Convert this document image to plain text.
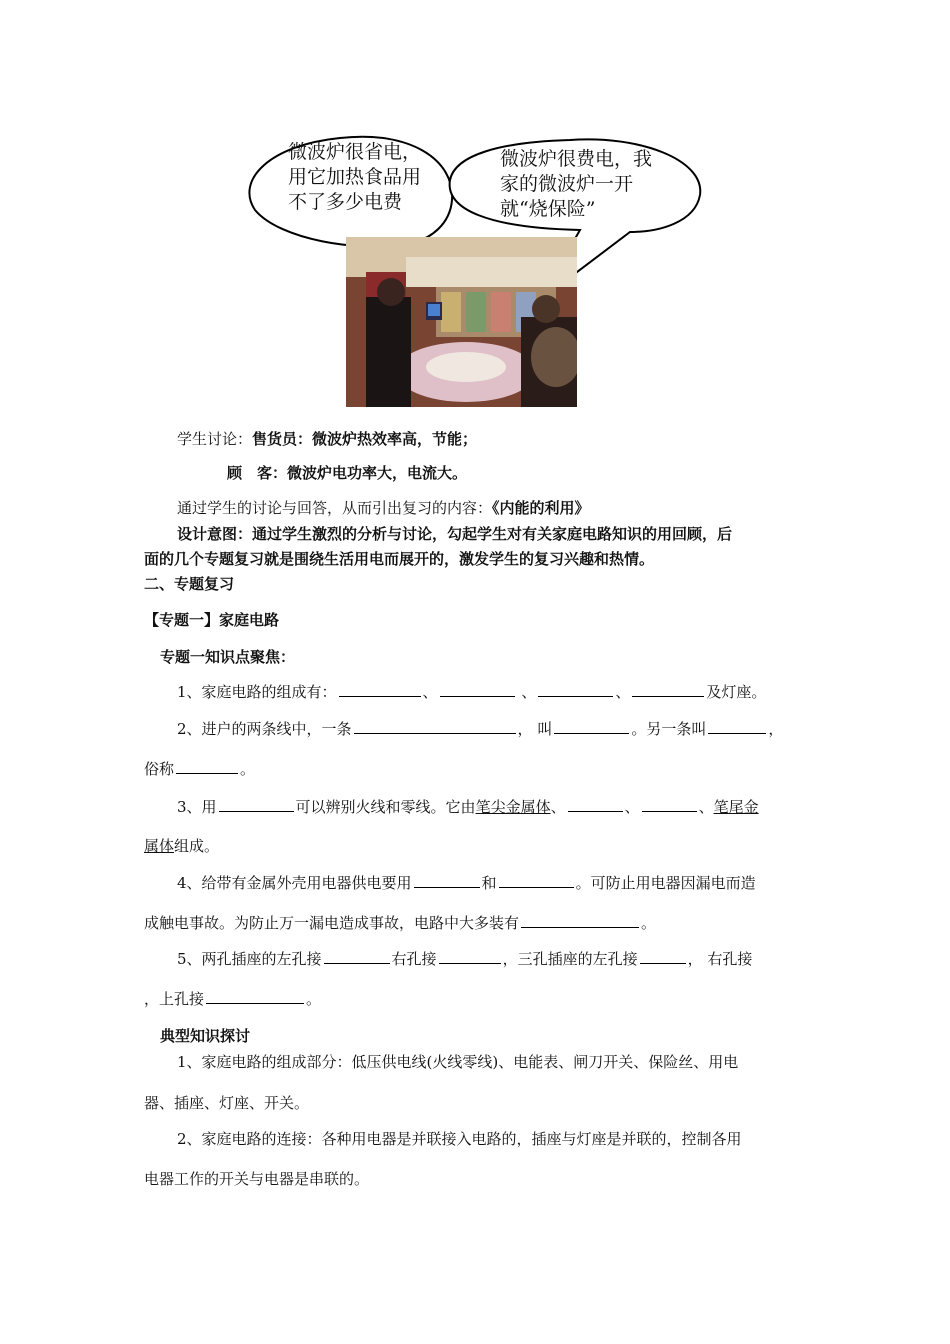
微波炉很省电，
用它加热食品用
不了多少电费
微波炉很费电，我
家的微波炉一开
就“烧保险”
学生讨论：售货员：微波炉热效率高，节能；
顾　客：微波炉电功率大，电流大。
通过学生的讨论与回答，从而引出复习的内容：《内能的利用》
设计意图：通过学生激烈的分析与讨论，勾起学生对有关家庭电路知识的用回顾，后
面的几个专题复习就是围绕生活用电而展开的，激发学生的复习兴趣和热情。
二、专题复习
【专题一】家庭电路
专题一知识点聚焦：
1、家庭电路的组成有：	、	、	、	及灯座。
2、进户的两条线中，一条	， 叫	。另一条叫	，
俗称	。
3、用	可以辨别火线和零线。它由笔尖金属体、	、	、笔尾金
属体组成。
4、给带有金属外壳用电器供电要用	和	。可防止用电器因漏电而造
成触电事故。为防止万一漏电造成事故，电路中大多装有	。
5、两孔插座的左孔接	右孔接	，三孔插座的左孔接	， 右孔接
，上孔接	。
典型知识探讨
1、家庭电路的组成部分：低压供电线(火线零线)、电能表、闸刀开关、保险丝、用电
器、插座、灯座、开关。
2、家庭电路的连接：各种用电器是并联接入电路的，插座与灯座是并联的，控制各用
电器工作的开关与电器是串联的。
